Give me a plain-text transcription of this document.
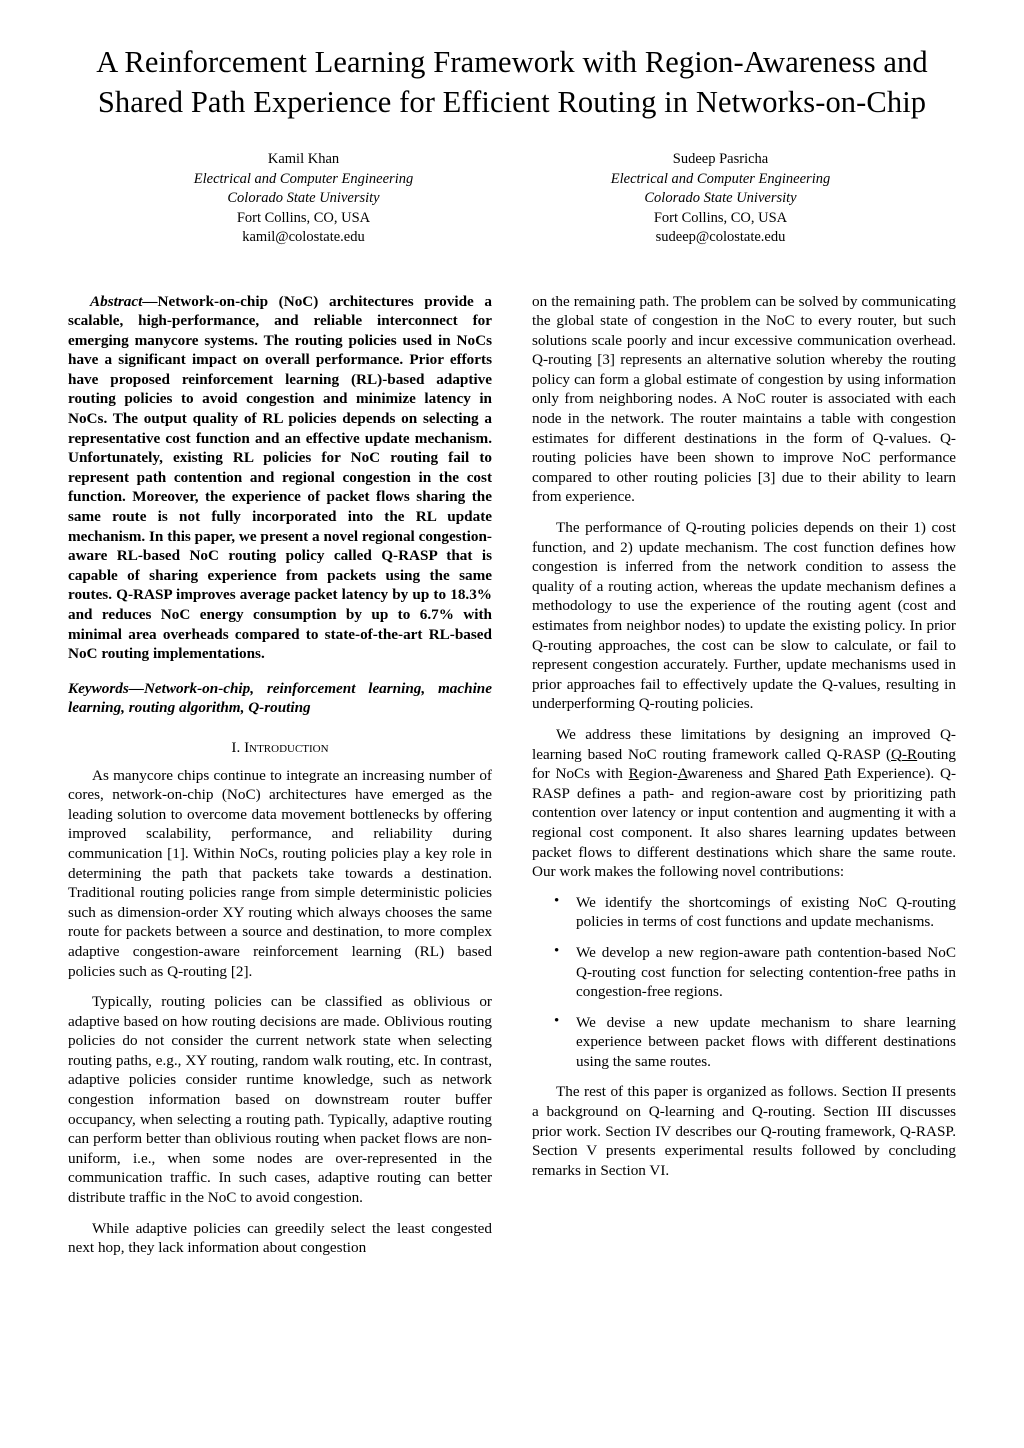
A Reinforcement Learning Framework with Region-Awareness and Shared Path Experience for Efficient Routing in Networks-on-Chip
Kamil Khan
Electrical and Computer Engineering
Colorado State University
Fort Collins, CO, USA
kamil@colostate.edu
Sudeep Pasricha
Electrical and Computer Engineering
Colorado State University
Fort Collins, CO, USA
sudeep@colostate.edu
Abstract—Network-on-chip (NoC) architectures provide a scalable, high-performance, and reliable interconnect for emerging manycore systems. The routing policies used in NoCs have a significant impact on overall performance. Prior efforts have proposed reinforcement learning (RL)-based adaptive routing policies to avoid congestion and minimize latency in NoCs. The output quality of RL policies depends on selecting a representative cost function and an effective update mechanism. Unfortunately, existing RL policies for NoC routing fail to represent path contention and regional congestion in the cost function. Moreover, the experience of packet flows sharing the same route is not fully incorporated into the RL update mechanism. In this paper, we present a novel regional congestion-aware RL-based NoC routing policy called Q-RASP that is capable of sharing experience from packets using the same routes. Q-RASP improves average packet latency by up to 18.3% and reduces NoC energy consumption by up to 6.7% with minimal area overheads compared to state-of-the-art RL-based NoC routing implementations.
Keywords—Network-on-chip, reinforcement learning, machine learning, routing algorithm, Q-routing
I. Introduction

As manycore chips continue to integrate an increasing number of cores, network-on-chip (NoC) architectures have emerged as the leading solution to overcome data movement bottlenecks by offering improved scalability, performance, and reliability during communication [1]. Within NoCs, routing policies play a key role in determining the path that packets take towards a destination. Traditional routing policies range from simple deterministic policies such as dimension-order XY routing which always chooses the same route for packets between a source and destination, to more complex adaptive congestion-aware reinforcement learning (RL) based policies such as Q-routing [2].

Typically, routing policies can be classified as oblivious or adaptive based on how routing decisions are made. Oblivious routing policies do not consider the current network state when selecting routing paths, e.g., XY routing, random walk routing, etc. In contrast, adaptive policies consider runtime knowledge, such as network congestion information based on downstream router buffer occupancy, when selecting a routing path. Typically, adaptive routing can perform better than oblivious routing when packet flows are non-uniform, i.e., when some nodes are over-represented in the communication traffic. In such cases, adaptive routing can better distribute traffic in the NoC to avoid congestion.

While adaptive policies can greedily select the least congested next hop, they lack information about congestion

on the remaining path. The problem can be solved by communicating the global state of congestion in the NoC to every router, but such solutions scale poorly and incur excessive communication overhead. Q-routing [3] represents an alternative solution whereby the routing policy can form a global estimate of congestion by using information only from neighboring nodes. A NoC router is associated with each node in the network. The router maintains a table with congestion estimates for different destinations in the form of Q-values. Q-routing policies have been shown to improve NoC performance compared to other routing policies [3] due to their ability to learn from experience.

The performance of Q-routing policies depends on their 1) cost function, and 2) update mechanism. The cost function defines how congestion is inferred from the network condition to assess the quality of a routing action, whereas the update mechanism defines a methodology to use the experience of the routing agent (cost and estimates from neighbor nodes) to update the existing policy. In prior Q-routing approaches, the cost can be slow to calculate, or fail to represent congestion accurately. Further, update mechanisms used in prior approaches fail to effectively update the Q-values, resulting in underperforming Q-routing policies.

We address these limitations by designing an improved Q-learning based NoC routing framework called Q-RASP (Q-Routing for NoCs with Region-Awareness and Shared Path Experience). Q-RASP defines a path- and region-aware cost by prioritizing path contention over latency or input contention and augmenting it with a regional cost component. It also shares learning updates between packet flows to different destinations which share the same route. Our work makes the following novel contributions:

• We identify the shortcomings of existing NoC Q-routing policies in terms of cost functions and update mechanisms.
• We develop a new region-aware path contention-based NoC Q-routing cost function for selecting contention-free paths in congestion-free regions.
• We devise a new update mechanism to share learning experience between packet flows with different destinations using the same routes.

The rest of this paper is organized as follows. Section II presents a background on Q-learning and Q-routing. Section III discusses prior work. Section IV describes our Q-routing framework, Q-RASP. Section V presents experimental results followed by concluding remarks in Section VI.
